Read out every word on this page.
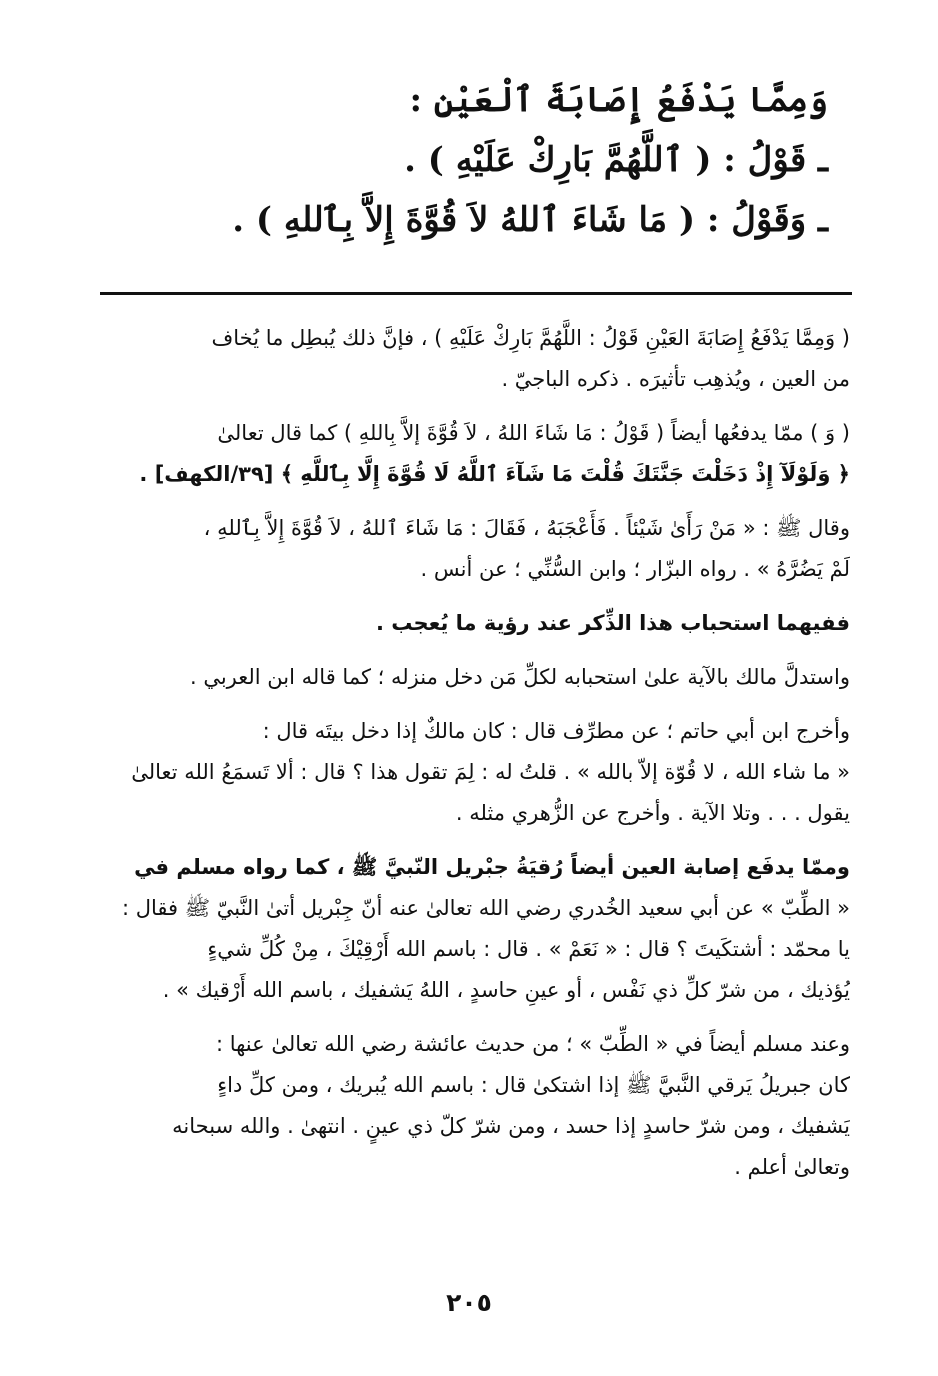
وَمِمَّا يَدْفَعُ إِصَابَةَ ٱلْعَيْنِ :
ـ قَوْلُ : ( ٱللَّهُمَّ بَارِكْ عَلَيْهِ ) .
ـ وَقَوْلُ : ( مَا شَاءَ ٱللهُ لاَ قُوَّةَ إِلاَّ بِٱللهِ ) .
( وَمِمَّا يَدْفَعُ إِصَابَةَ العَيْنِ قَوْلُ : اللَّهُمَّ بَارِكْ عَلَيْهِ ) ، فإنَّ ذلك يُبطِل ما يُخاف
من العين ، ويُذهِب تأثيرَه . ذكره الباجيّ .
( وَ ) ممّا يدفعُها أيضاً ( قَوْلُ : مَا شَاءَ اللهُ ، لاَ قُوَّةَ إلاَّ بِاللهِ ) كما قال تعالىٰ
﴿ وَلَوْلَآ إِذْ دَخَلْتَ جَنَّتَكَ قُلْتَ مَا شَآءَ ٱللَّهُ لَا قُوَّةَ إِلَّا بِٱللَّهِ ﴾ [٣٩/الكهف] .
وقال ﷺ : « مَنْ رَأَىٰ شَيْئاً . فَأَعْجَبَهُ ، فَقَالَ : مَا شَاءَ ٱللهُ ، لاَ قُوَّةَ إِلاَّ بِٱللهِ ،
لَمْ يَضُرَّهُ » . رواه البزّار ؛ وابن السُّنِّي ؛ عن أنس .
ففيهما استحباب هذا الذِّكر عند رؤية ما يُعجب .
واستدلَّ مالك بالآية علىٰ استحبابه لكلِّ مَن دخل منزله ؛ كما قاله ابن العربي .
وأخرج ابن أبي حاتم ؛ عن مطرِّف قال : كان مالكٌ إذا دخل بيتَه قال :
« ما شاء الله ، لا قُوّة إلاّ بالله » . قلتُ له : لِمَ تقول هذا ؟ قال : ألا تَسمَعُ الله تعالىٰ
يقول . . . وتلا الآية . وأخرج عن الزُّهري مثله .
وممّا يدفَع إصابة العين أيضاً رُقيَةُ جبْريل النّبيَّ ﷺ ، كما رواه مسلم في
« الطِّبّ » عن أبي سعيد الخُدري رضي الله تعالىٰ عنه أنّ جِبْريل أتىٰ النَّبيّ ﷺ فقال :
يا محمّد : أشتكَيتَ ؟ قال : « نَعَمْ » . قال : باسم الله أَرْقِيْكَ ، مِنْ كُلِّ شيءٍ
يُؤذيك ، من شرّ كلِّ ذي نَفْس ، أو عينِ حاسدٍ ، اللهُ يَشفيك ، باسم الله أَرْقيك » .
وعند مسلم أيضاً في « الطِّبّ » ؛ من حديث عائشة رضي الله تعالىٰ عنها :
كان جبريلُ يَرقي النَّبيَّ ﷺ إذا اشتكىٰ قال : باسم الله يُبريك ، ومن كلِّ داءٍ
يَشفيك ، ومن شرّ حاسدٍ إذا حسد ، ومن شرّ كلّ ذي عينٍ . انتهىٰ . والله سبحانه
وتعالىٰ أعلم .
٢٠٥
